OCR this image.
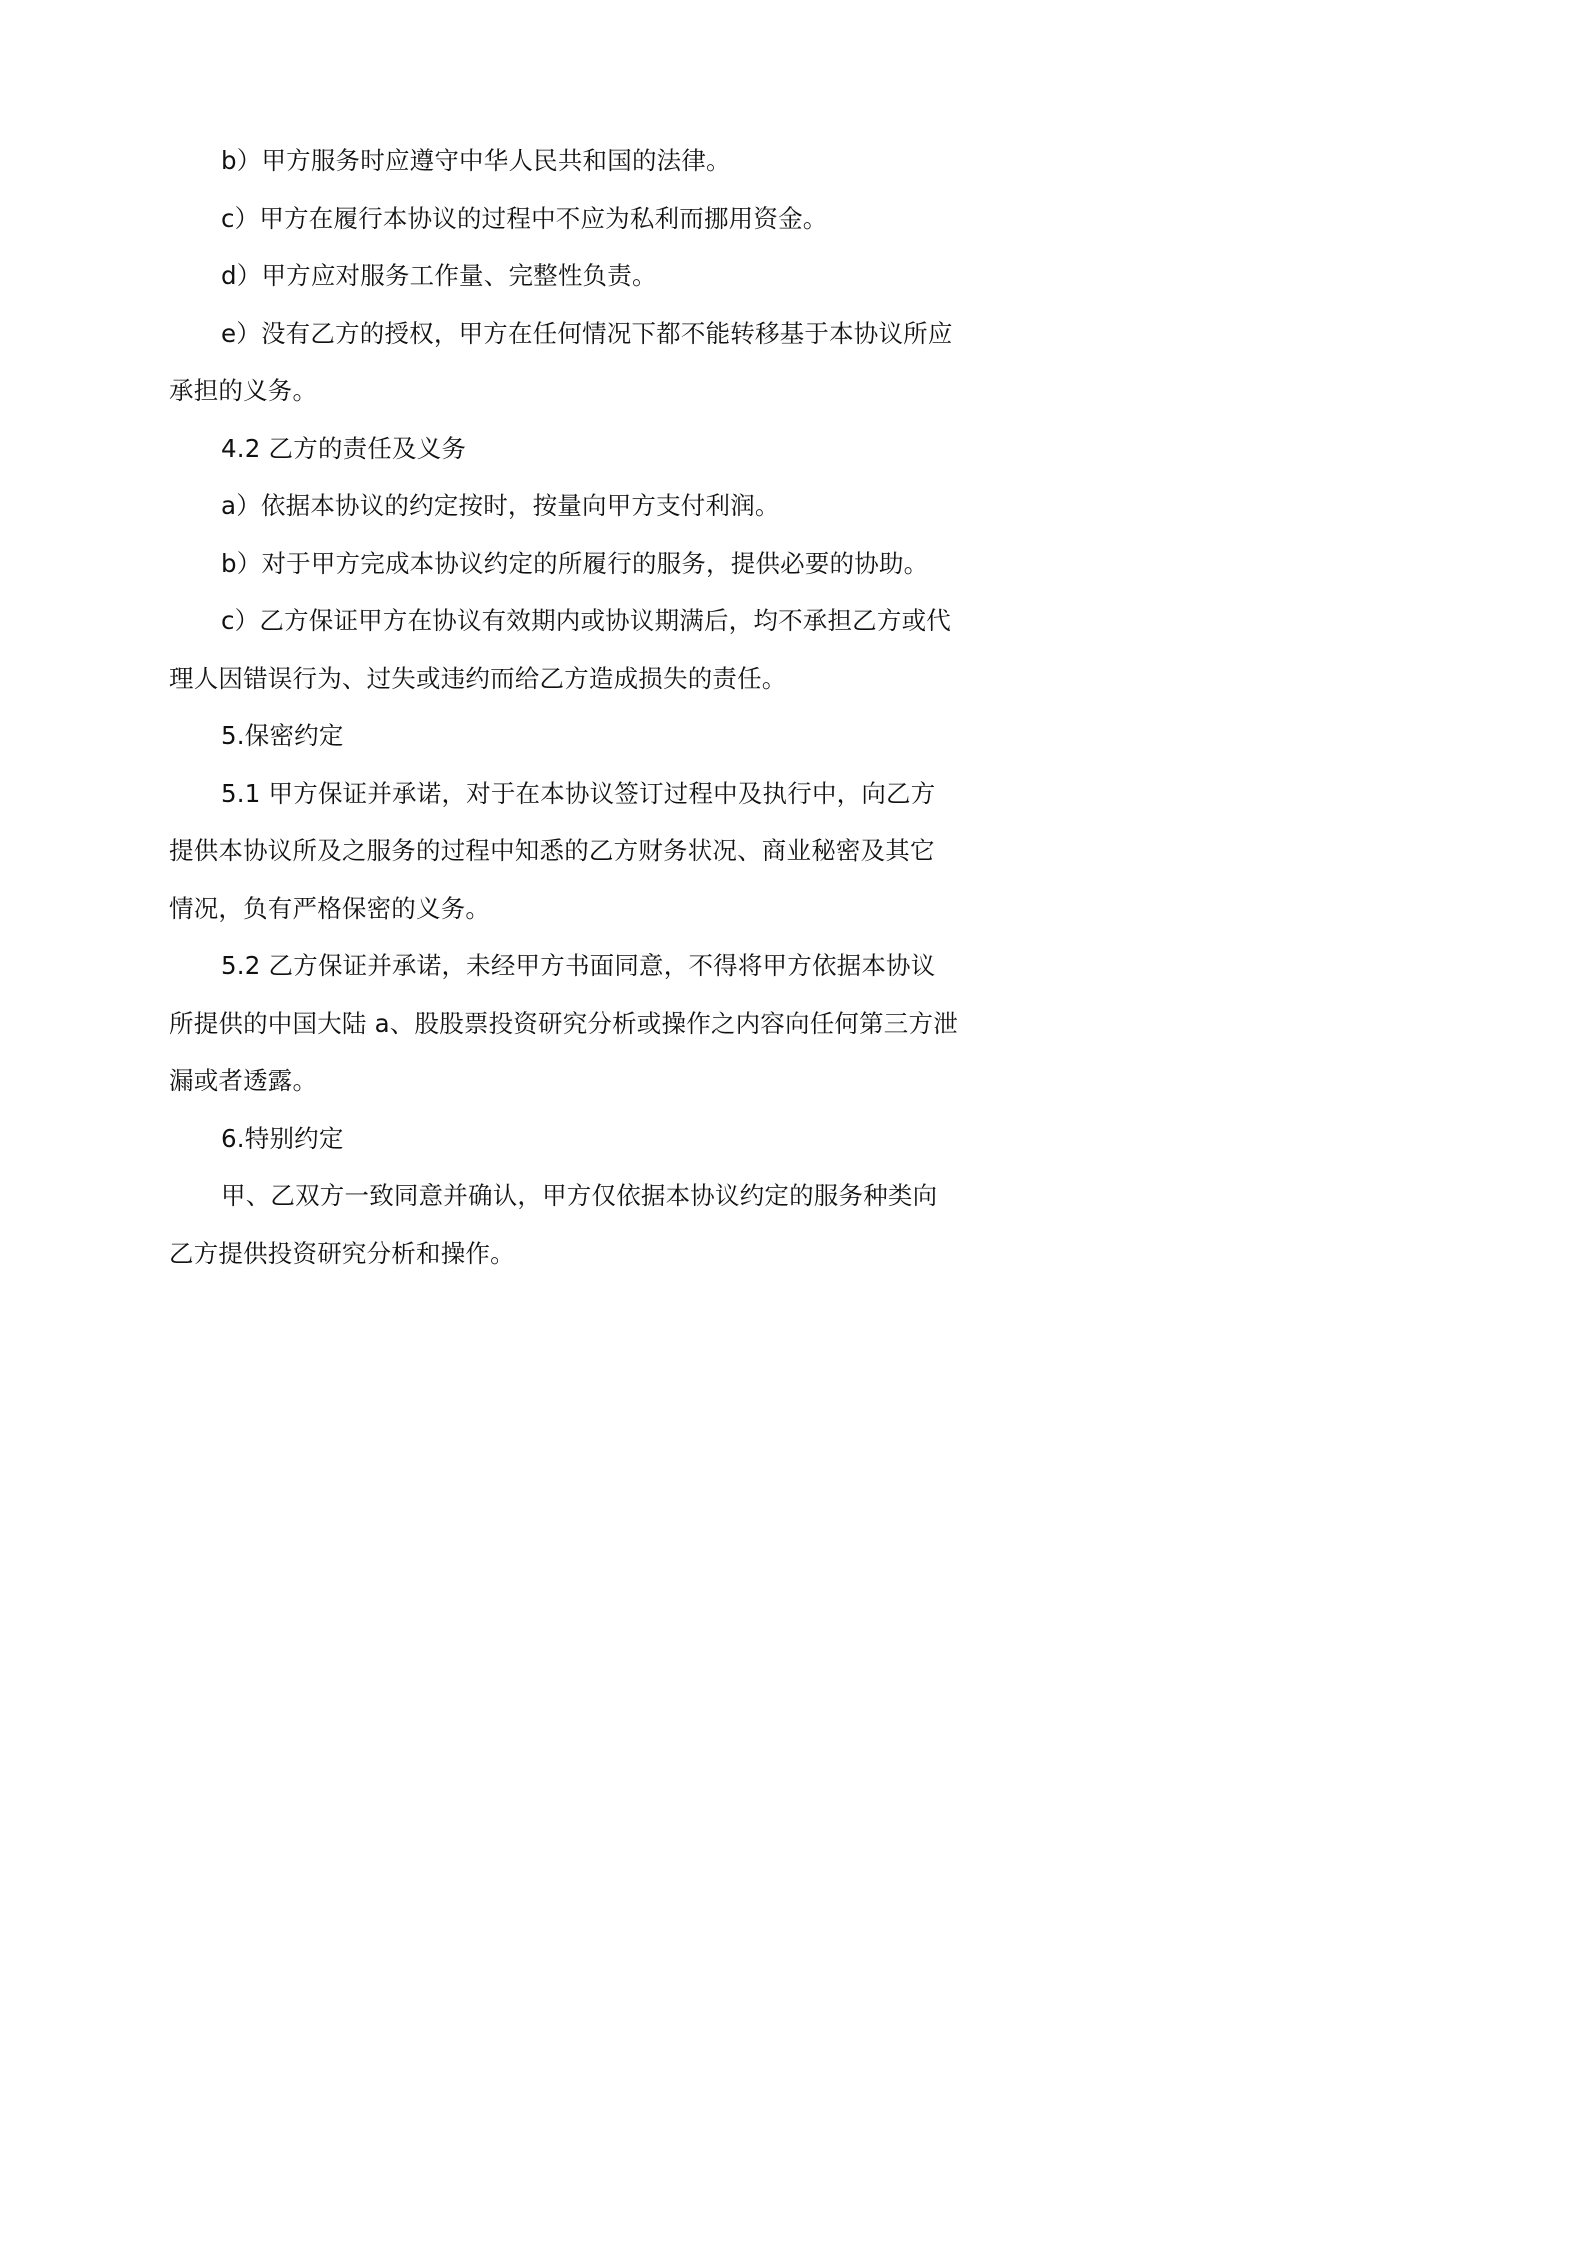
b）甲方服务时应遵守中华人民共和国的法律。

c）甲方在履行本协议的过程中不应为私利而挪用资金。

d）甲方应对服务工作量、完整性负责。

e）没有乙方的授权，甲方在任何情况下都不能转移基于本协议所应承担的义务。

4.2 乙方的责任及义务

a）依据本协议的约定按时，按量向甲方支付利润。

b）对于甲方完成本协议约定的所履行的服务，提供必要的协助。

c）乙方保证甲方在协议有效期内或协议期满后，均不承担乙方或代理人因错误行为、过失或违约而给乙方造成损失的责任。

5.保密约定

5.1 甲方保证并承诺，对于在本协议签订过程中及执行中，向乙方提供本协议所及之服务的过程中知悉的乙方财务状况、商业秘密及其它情况，负有严格保密的义务。

5.2 乙方保证并承诺，未经甲方书面同意，不得将甲方依据本协议所提供的中国大陆 a、股股票投资研究分析或操作之内容向任何第三方泄漏或者透露。

6.特别约定

甲、乙双方一致同意并确认，甲方仅依据本协议约定的服务种类向乙方提供投资研究分析和操作。
